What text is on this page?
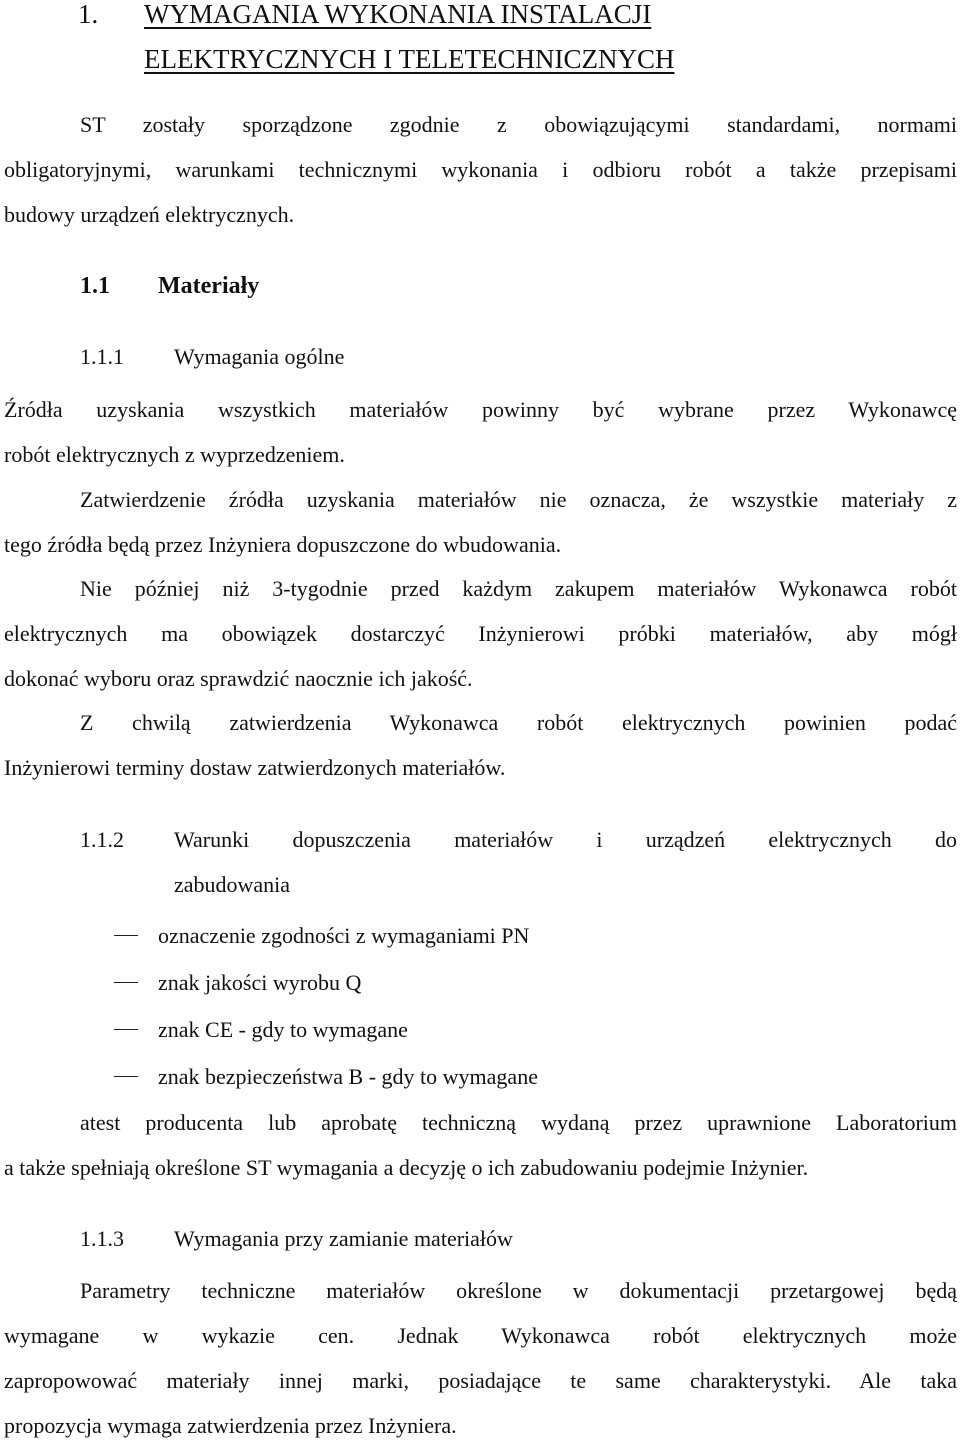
1. WYMAGANIA WYKONANIA INSTALACJI
ELEKTRYCZNYCH I TELETECHNICZNYCH
ST zostały sporządzone zgodnie z obowiązującymi standardami, normami
obligatoryjnymi, warunkami technicznymi wykonania i odbioru robót a także przepisami
budowy urządzeń elektrycznych.
1.1 Materiały
1.1.1 Wymagania ogólne
Źródła uzyskania wszystkich materiałów powinny być wybrane przez Wykonawcę
robót elektrycznych z wyprzedzeniem.
Zatwierdzenie źródła uzyskania materiałów nie oznacza, że wszystkie materiały z
tego źródła będą przez Inżyniera dopuszczone do wbudowania.
Nie później niż 3-tygodnie przed każdym zakupem materiałów Wykonawca robót
elektrycznych ma obowiązek dostarczyć Inżynierowi próbki materiałów, aby mógł
dokonać wyboru oraz sprawdzić naocznie ich jakość.
Z chwilą zatwierdzenia Wykonawca robót elektrycznych powinien podać
Inżynierowi terminy dostaw zatwierdzonych materiałów.
1.1.2 Warunki dopuszczenia materiałów i urządzeń elektrycznych do
zabudowania
oznaczenie zgodności z wymaganiami PN
znak jakości wyrobu Q
znak CE - gdy to wymagane
znak bezpieczeństwa B - gdy to wymagane
atest producenta lub aprobatę techniczną wydaną przez uprawnione Laboratorium
a także spełniają określone ST wymagania a decyzję o ich zabudowaniu podejmie Inżynier.
1.1.3 Wymagania przy zamianie materiałów
Parametry techniczne materiałów określone w dokumentacji przetargowej będą
wymagane w wykazie cen. Jednak Wykonawca robót elektrycznych może
zapropowować materiały innej marki, posiadające te same charakterystyki. Ale taka
propozycja wymaga zatwierdzenia przez Inżyniera.
